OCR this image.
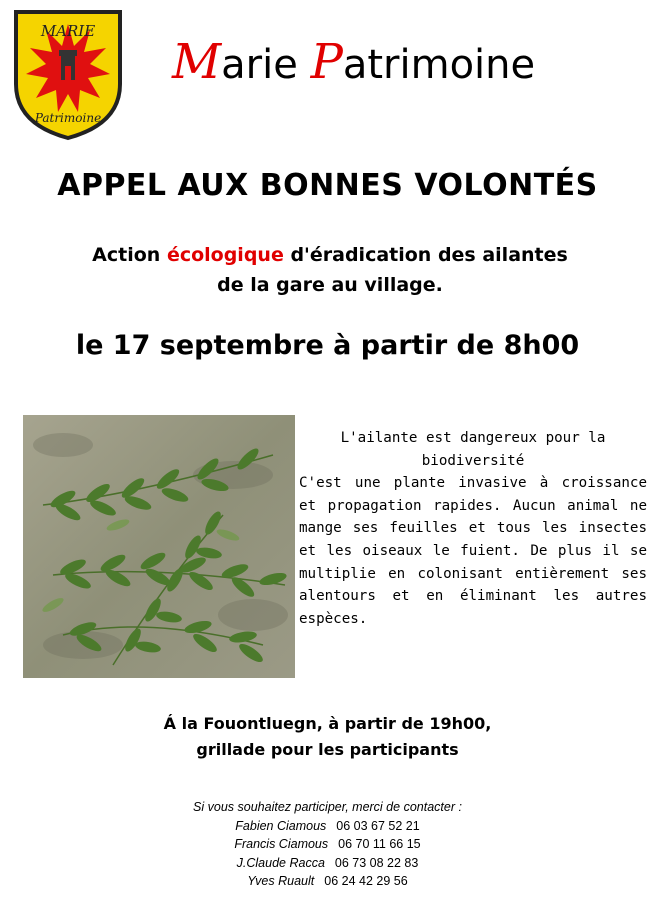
MARIE
Patrimoine
Marie Patrimoine
APPEL AUX BONNES VOLONTÉS
Action écologique d'éradication des ailantes
de la gare au village.
le 17 septembre à partir de 8h00
L'ailante est dangereux pour la biodiversité
C'est une plante invasive à croissance et propagation rapides. Aucun animal ne mange ses feuilles et tous les insectes et les oiseaux le fuient. De plus il se multiplie en colonisant entièrement ses alentours et en éliminant les autres espèces.
Á la Fouontluegn, à partir de 19h00,
grillade pour les participants
Si vous souhaitez participer, merci de contacter :
Fabien Ciamous 06 03 67 52 21
Francis Ciamous 06 70 11 66 15
J.Claude Racca 06 73 08 22 83
Yves Ruault 06 24 42 29 56
